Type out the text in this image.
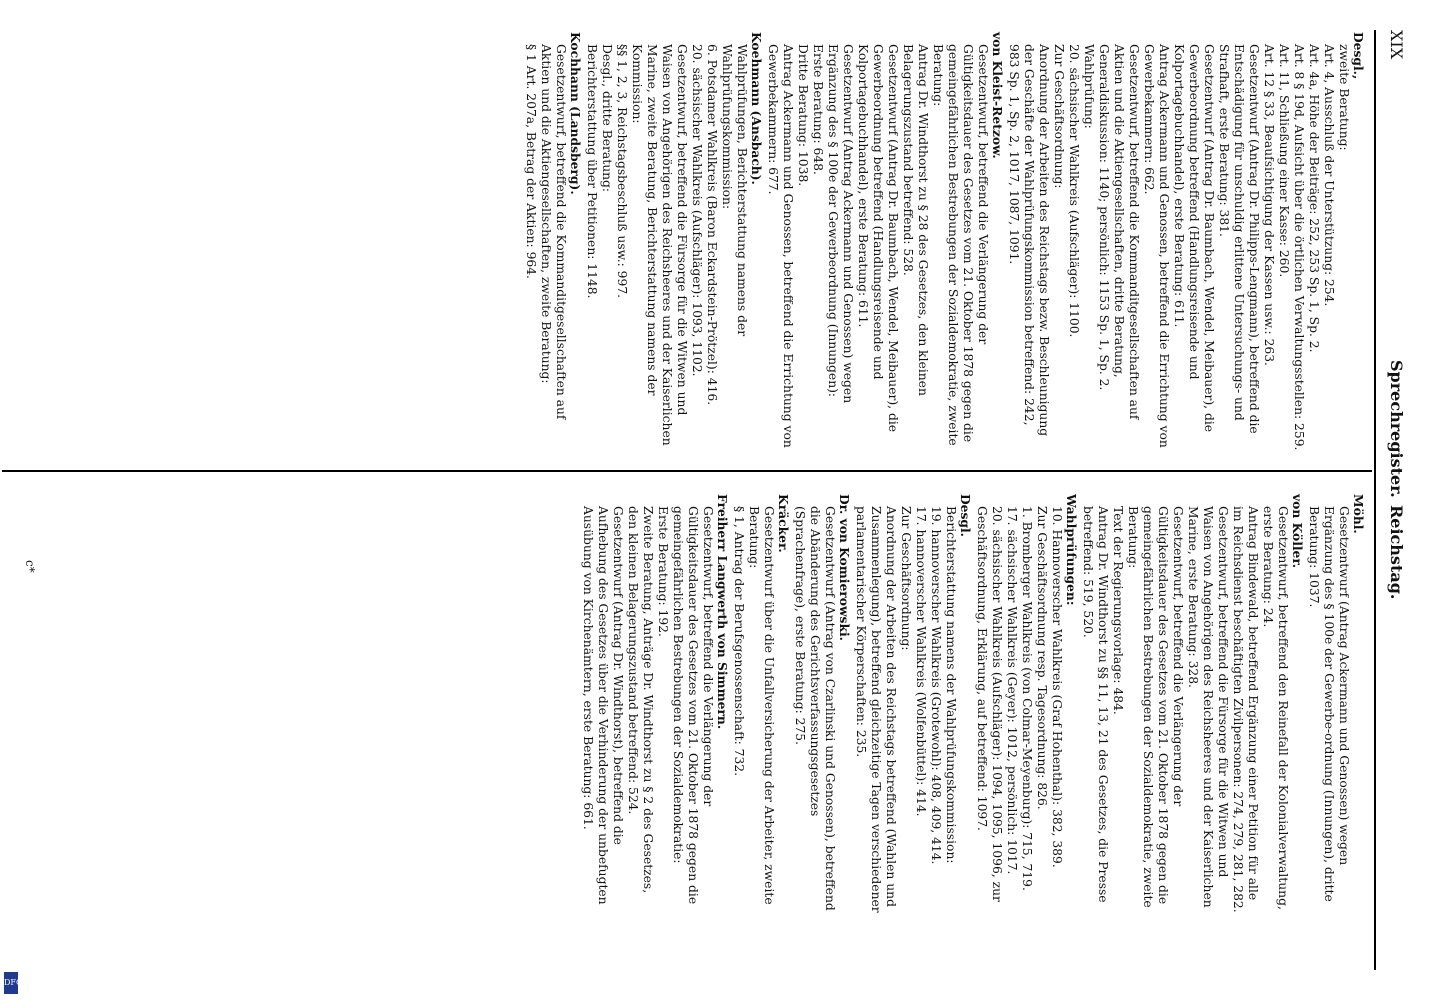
XIX
Sprechregister.
Reichstag.
Desgl.,
zweite Beratung:
Art. 4, Ausschluß der Unterstützung: 254.
Art. 4a, Höhe der Beiträge: 252, 253 Sp. 1, Sp. 2.
Art. 8 § 19d, Aufsicht über die örtlichen Verwaltungsstellen: 259.
Art. 11, Schließung einer Kasse: 260.
Art. 12 § 33, Beaufsichtigung der Kassen usw.: 263.
Gesetzentwurf (Antrag Dr. Philipps-Lengmann), betreffend die Entschädigung für unschuldig erlittene Untersuchungs- und Strafhaft, erste Beratung: 381.
Gesetzentwurf (Antrag Dr. Baumbach, Wendel, Meibauer), die Gewerbeordnung betreffend (Handlungsreisende und Kolportagebuchhandel), erste Beratung: 611.
Antrag Ackermann und Genossen, betreffend die Errichtung von Gewerbekammern: 662.
Gesetzentwurf, betreffend die Kommanditgesellschaften auf Aktien und die Aktiengesellschaften, dritte Beratung, Generaldiskussion: 1140; persönlich: 1153 Sp. 1, Sp. 2.
Wahlprüfung:
20. sächsischer Wahlkreis (Aufschläger): 1100.
Zur Geschäftsordnung:
Anordnung der Arbeiten des Reichstags bezw. Beschleunigung der Geschäfte der Wahlprüfungskommission betreffend: 242, 983 Sp. 1, Sp. 2, 1017, 1087, 1091.
von Kleist-Retzow.
Gesetzentwurf, betreffend die Verlängerung der Gültigkeitsdauer des Gesetzes vom 21. Oktober 1878 gegen die gemeingefährlichen Bestrebungen der Sozialdemokratie, zweite Beratung:
Antrag Dr. Windthorst zu § 28 des Gesetzes, den kleinen Belagerungszustand betreffend: 528.
Gesetzentwurf (Antrag Dr. Baumbach, Wendel, Meibauer), die Gewerbeordnung betreffend (Handlungsreisende und Kolportagebuchhandel), erste Beratung: 611.
Gesetzentwurf (Antrag Ackermann und Genossen) wegen Ergänzung des § 100e der Gewerbeordnung (Innungen):
Erste Beratung: 648.
Dritte Beratung: 1038.
Antrag Ackermann und Genossen, betreffend die Errichtung von Gewerbekammern: 677.
Koehmann (Ansbach).
Wahlprüfungen, Berichterstattung namens der Wahlprüfungskommission:
6. Potsdamer Wahlkreis (Baron Eckardstein-Prötzel): 416.
20. sächsischer Wahlkreis (Aufschläger): 1093, 1102.
Gesetzentwurf, betreffend die Fürsorge für die Witwen und Waisen von Angehörigen des Reichsheeres und der Kaiserlichen Marine, zweite Beratung, Berichterstattung namens der Kommission:
§§ 1, 2, 3, Reichstagsbeschluß usw.: 997.
Desgl., dritte Beratung:
Berichterstattung über Petitionen: 1148.
Kochhann (Landsberg).
Gesetzentwurf, betreffend die Kommanditgesellschaften auf Aktien und die Aktiengesellschaften, zweite Beratung:
§ 1 Art. 207a, Betrag der Aktien: 964.
Möhl.
Gesetzentwurf (Antrag Ackermann und Genossen) wegen Ergänzung des § 100e der Gewerbe-ordnung (Innungen), dritte Beratung: 1037.
von Köller.
Gesetzentwurf, betreffend den Reinefall der Kolonialverwaltung, erste Beratung: 24.
Antrag Bindewald, betreffend Ergänzung einer Petition für alle im Reichsdienst beschäftigten Zivilpersonen: 274, 279, 281, 282.
Gesetzentwurf, betreffend die Fürsorge für die Witwen und Waisen von Angehörigen des Reichsheeres und der Kaiserlichen Marine, erste Beratung: 328.
Gesetzentwurf, betreffend die Verlängerung der Gültigkeitsdauer des Gesetzes vom 21. Oktober 1878 gegen die gemeingefährlichen Bestrebungen der Sozialdemokratie, zweite Beratung:
Text der Regierungsvorlage: 484.
Antrag Dr. Windthorst zu §§ 11, 13, 21 des Gesetzes, die Presse betreffend: 519, 520.
Wahlprüfungen:
10. Hannoverscher Wahlkreis (Graf Hohenthal): 382, 389.
Zur Geschäftsordnung resp. Tagesordnung: 826.
1. Bromberger Wahlkreis (von Colmar-Meyenburg): 715, 719.
17. sächsischer Wahlkreis (Geyer): 1012, persönlich: 1017.
20. sächsischer Wahlkreis (Aufschläger): 1094, 1095, 1096, zur Geschäftsordnung, Erklärung, auf betreffend: 1097.
Desgl.
Berichterstattung namens der Wahlprüfungskommission:
19. hannoverscher Wahlkreis (Grotewohl): 408, 409, 414.
17. hannoverscher Wahlkreis (Wolfenbüttel): 414.
Zur Geschäftsordnung:
Anordnung der Arbeiten des Reichstags betreffend (Wahlen und Zusammenlegung), betreffend gleichzeitige Tagen verschiedener parlamentarischer Körperschaften: 235.
Dr. von Komierowski.
Gesetzentwurf (Antrag von Czarlinski und Genossen), betreffend die Abänderung des Gerichtsverfassungsgesetzes (Sprachenfrage), erste Beratung: 275.
Kräcker.
Gesetzentwurf über die Unfallversicherung der Arbeiter, zweite Beratung:
§ 1, Antrag der Berufsgenossenschaft: 732.
Freiherr Langwerth von Simmern.
Gesetzentwurf, betreffend die Verlängerung der Gültigkeitsdauer des Gesetzes vom 21. Oktober 1878 gegen die gemeingefährlichen Bestrebungen der Sozialdemokratie:
Erste Beratung: 192.
Zweite Beratung, Anträge Dr. Windthorst zu § 2 des Gesetzes, den kleinen Belagerungszustand betreffend: 524.
Gesetzentwurf (Antrag Dr. Windthorst), betreffend die Aufhebung des Gesetzes über die Verhinderung der unbefugten Ausübung von Kirchenämtern, erste Beratung: 661.
c*
DFG
